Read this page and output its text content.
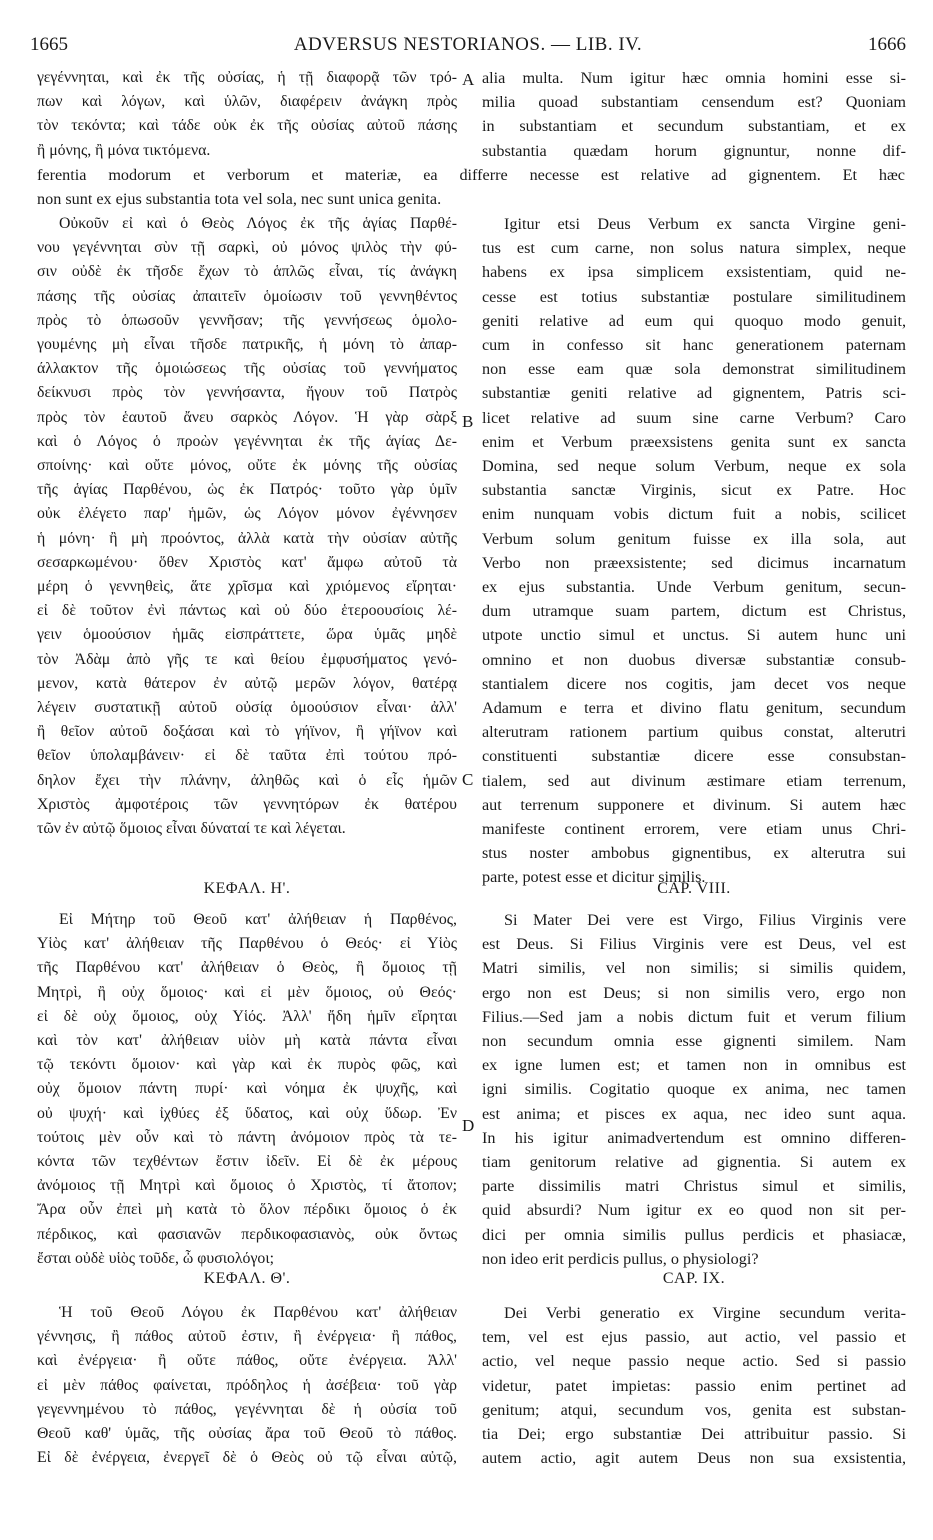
1665	ADVERSUS NESTORIANOS. — LIB. IV.	1666
A
B
C
D
γεγέννηται, καὶ ἐκ τῆς οὐσίας, ἡ τῇ διαφορᾷ τῶν τρό-
πων καὶ λόγων, καὶ ὑλῶν, διαφέρειν ἀνάγκη πρὸς
τὸν τεκόντα; καὶ τάδε οὐκ ἐκ τῆς οὐσίας αὐτοῦ πάσης
ἢ μόνης, ἢ μόνα τικτόμενα.
alia multa. Num igitur hæc omnia homini esse si-
milia quoad substantiam censendum est? Quoniam
in substantiam et secundum substantiam, et ex
substantia quædam horum gignuntur, nonne dif-
ferentia modorum et verborum et materiæ, ea differre necesse est relative ad gignentem. Et hæc
non sunt ex ejus substantia tota vel sola, nec sunt unica genita.
Οὐκοῦν εἰ καὶ ὁ Θεὸς Λόγος ἐκ τῆς ἁγίας Παρθέ-
νου γεγέννηται σὺν τῇ σαρκὶ, οὐ μόνος ψιλὸς τὴν φύ-
σιν οὐδὲ ἐκ τῆσδε ἔχων τὸ ἁπλῶς εἶναι, τίς ἀνάγκη
πάσης τῆς οὐσίας ἀπαιτεῖν ὁμοίωσιν τοῦ γεννηθέντος
πρὸς τὸ ὁπωσοῦν γεννῆσαν; τῆς γεννήσεως ὁμολο-
γουμένης μὴ εἶναι τῆσδε πατρικῆς, ἡ μόνη τὸ ἀπαρ-
άλλακτον τῆς ὁμοιώσεως τῆς οὐσίας τοῦ γεννήματος
δείκνυσι πρὸς τὸν γεννήσαντα, ἤγουν τοῦ Πατρὸς
πρὸς τὸν ἑαυτοῦ ἄνευ σαρκὸς Λόγον. Ἡ γὰρ σὰρξ
καὶ ὁ Λόγος ὁ προὼν γεγέννηται ἐκ τῆς ἁγίας Δε-
σποίνης· καὶ οὔτε μόνος, οὔτε ἐκ μόνης τῆς οὐσίας
τῆς ἁγίας Παρθένου, ὡς ἐκ Πατρός· τοῦτο γὰρ ὑμῖν
οὐκ ἐλέγετο παρ' ἡμῶν, ὡς Λόγον μόνον ἐγέννησεν
ἡ μόνη· ἢ μὴ προόντος, ἀλλὰ κατὰ τὴν οὐσίαν αὐτῆς
σεσαρκωμένου· ὅθεν Χριστὸς κατ' ἄμφω αὐτοῦ τὰ
μέρη ὁ γεννηθεὶς, ἅτε χρῖσμα καὶ χριόμενος εἴρηται·
εἰ δὲ τοῦτον ἐνὶ πάντως καὶ οὐ δύο ἑτεροουσίοις λέ-
γειν ὁμοούσιον ἡμᾶς εἰσπράττετε, ὥρα ὑμᾶς μηδὲ
τὸν Ἀδὰμ ἀπὸ γῆς τε καὶ θείου ἐμφυσήματος γενό-
μενον, κατὰ θάτερον ἐν αὐτῷ μερῶν λόγον, θατέρᾳ
λέγειν συστατικῇ αὐτοῦ οὐσίᾳ ὁμοούσιον εἶναι· ἀλλ'
ἢ θεῖον αὐτοῦ δοξάσαι καὶ τὸ γήϊνον, ἢ γήϊνον καὶ
θεῖον ὑπολαμβάνειν· εἰ δὲ ταῦτα ἐπὶ τούτου πρό-
δηλον ἔχει τὴν πλάνην, ἀληθῶς καὶ ὁ εἷς ἡμῶν
Χριστὸς ἀμφοτέροις τῶν γεννητόρων ἐκ θατέρου
τῶν ἐν αὐτῷ ὅμοιος εἶναι δύναταί τε καὶ λέγεται.
Igitur etsi Deus Verbum ex sancta Virgine geni-
tus est cum carne, non solus natura simplex, neque
habens ex ipsa simplicem exsistentiam, quid ne-
cesse est totius substantiæ postulare similitudinem
geniti relative ad eum qui quoquo modo genuit,
cum in confesso sit hanc generationem paternam
non esse eam quæ sola demonstrat similitudinem
substantiæ geniti relative ad gignentem, Patris sci-
licet relative ad suum sine carne Verbum? Caro
enim et Verbum præexsistens genita sunt ex sancta
Domina, sed neque solum Verbum, neque ex sola
substantia sanctæ Virginis, sicut ex Patre. Hoc
enim nunquam vobis dictum fuit a nobis, scilicet
Verbum solum genitum fuisse ex illa sola, aut
Verbo non præexsistente; sed dicimus incarnatum
ex ejus substantia. Unde Verbum genitum, secun-
dum utramque suam partem, dictum est Christus,
utpote unctio simul et unctus. Si autem hunc uni
omnino et non duobus diversæ substantiæ consub-
stantialem dicere nos cogitis, jam decet vos neque
Adamum e terra et divino flatu genitum, secundum
alterutram rationem partium quibus constat, alterutri
constituenti substantiæ dicere esse consubstan-
tialem, sed aut divinum æstimare etiam terrenum,
aut terrenum supponere et divinum. Si autem hæc
manifeste continent errorem, vere etiam unus Chri-
stus noster ambobus gignentibus, ex alterutra sui
parte, potest esse et dicitur similis.
ΚΕΦΑΛ. Η'.	CAP. VIII.
Εἰ Μήτηρ τοῦ Θεοῦ κατ' ἀλήθειαν ἡ Παρθένος,
Υἱὸς κατ' ἀλήθειαν τῆς Παρθένου ὁ Θεός· εἰ Υἱὸς
τῆς Παρθένου κατ' ἀλήθειαν ὁ Θεὸς, ἢ ὅμοιος τῇ
Μητρὶ, ἢ οὐχ ὅμοιος· καὶ εἰ μὲν ὅμοιος, οὐ Θεός·
εἰ δὲ οὐχ ὅμοιος, οὐχ Υἱός. Ἀλλ' ἤδη ἡμῖν εἴρηται
καὶ τὸν κατ' ἀλήθειαν υἱὸν μὴ κατὰ πάντα εἶναι
τῷ τεκόντι ὅμοιον· καὶ γὰρ καὶ ἐκ πυρὸς φῶς, καὶ
οὐχ ὅμοιον πάντη πυρί· καὶ νόημα ἐκ ψυχῆς, καὶ
οὐ ψυχή· καὶ ἰχθύες ἐξ ὕδατος, καὶ οὐχ ὕδωρ. Ἐν
τούτοις μὲν οὖν καὶ τὸ πάντη ἀνόμοιον πρὸς τὰ τε-
κόντα τῶν τεχθέντων ἔστιν ἰδεῖν. Εἰ δὲ ἐκ μέρους
ἀνόμοιος τῇ Μητρὶ καὶ ὅμοιος ὁ Χριστὸς, τί ἄτοπον;
Ἄρα οὖν ἐπεὶ μὴ κατὰ τὸ ὅλον πέρδικι ὅμοιος ὁ ἐκ
πέρδικος, καὶ φασιανῶν περδικοφασιανὸς, οὐκ ὄντως
ἔσται οὐδὲ υἱὸς τοῦδε, ὦ φυσιολόγοι;
Si Mater Dei vere est Virgo, Filius Virginis vere
est Deus. Si Filius Virginis vere est Deus, vel est
Matri similis, vel non similis; si similis quidem,
ergo non est Deus; si non similis vero, ergo non
Filius.—Sed jam a nobis dictum fuit et verum filium
non secundum omnia esse gignenti similem. Nam
ex igne lumen est; et tamen non in omnibus est
igni similis. Cogitatio quoque ex anima, nec tamen
est anima; et pisces ex aqua, nec ideo sunt aqua.
In his igitur animadvertendum est omnino differen-
tiam genitorum relative ad gignentia. Si autem ex
parte dissimilis matri Christus simul et similis,
quid absurdi? Num igitur ex eo quod non sit per-
dici per omnia similis pullus perdicis et phasiacæ,
non ideo erit perdicis pullus, o physiologi?
ΚΕΦΑΛ. Θ'.	CAP. IX.
Ἡ τοῦ Θεοῦ Λόγου ἐκ Παρθένου κατ' ἀλήθειαν
γέννησις, ἢ πάθος αὐτοῦ ἐστιν, ἢ ἐνέργεια· ἢ πάθος,
καὶ ἐνέργεια· ἢ οὔτε πάθος, οὔτε ἐνέργεια. Ἀλλ'
εἰ μὲν πάθος φαίνεται, πρόδηλος ἡ ἀσέβεια· τοῦ γὰρ
γεγεννημένου τὸ πάθος, γεγέννηται δὲ ἡ οὐσία τοῦ
Θεοῦ καθ' ὑμᾶς, τῆς οὐσίας ἄρα τοῦ Θεοῦ τὸ πάθος.
Εἰ δὲ ἐνέργεια, ἐνεργεῖ δὲ ὁ Θεὸς οὐ τῷ εἶναι αὐτῷ,
Dei Verbi generatio ex Virgine secundum verita-
tem, vel est ejus passio, aut actio, vel passio et
actio, vel neque passio neque actio. Sed si passio
videtur, patet impietas: passio enim pertinet ad
genitum; atqui, secundum vos, genita est substan-
tia Dei; ergo substantiæ Dei attribuitur passio. Si
autem actio, agit autem Deus non sua exsistentia,
